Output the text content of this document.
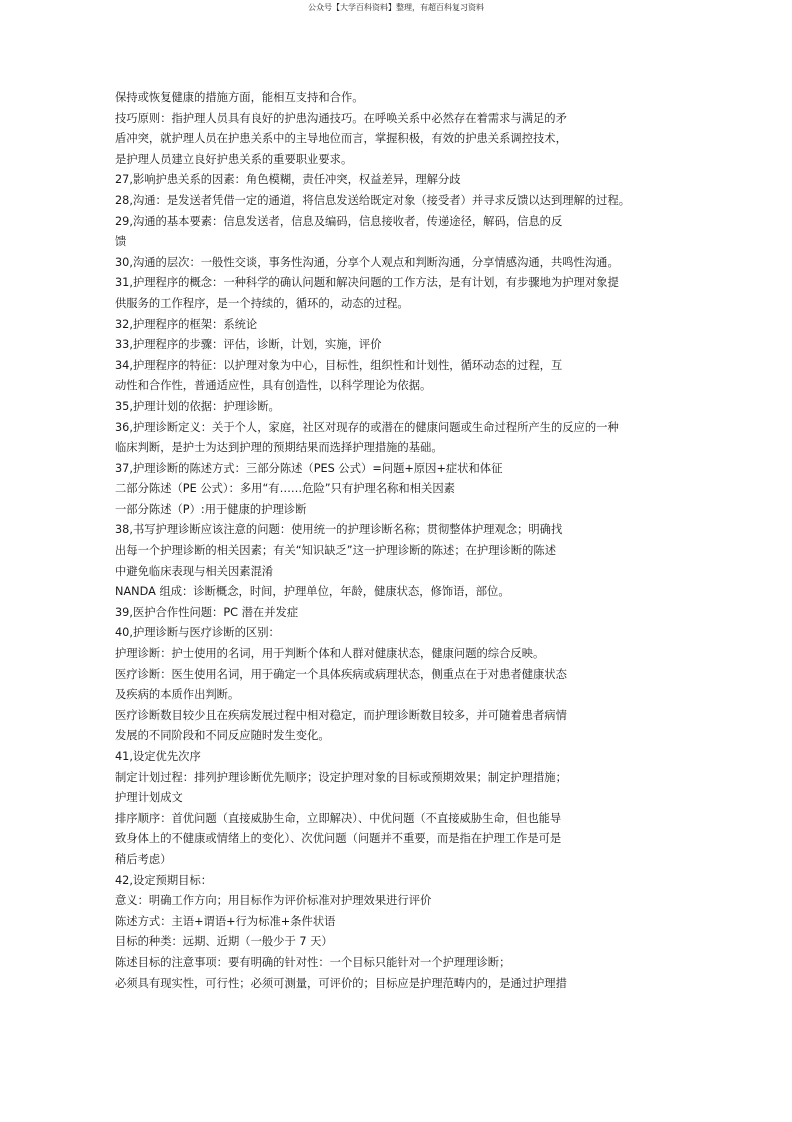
公众号【大学百科资料】整理，有超百科复习资料
保持或恢复健康的措施方面，能相互支持和合作。
技巧原则：指护理人员具有良好的护患沟通技巧。在呼唤关系中必然存在着需求与满足的矛
盾冲突，就护理人员在护患关系中的主导地位而言，掌握积极，有效的护患关系调控技术，
是护理人员建立良好护患关系的重要职业要求。
27,影响护患关系的因素：角色模糊，责任冲突，权益差异，理解分歧
28,沟通：是发送者凭借一定的通道，将信息发送给既定对象（接受者）并寻求反馈以达到理解的过程。
29,沟通的基本要素：信息发送者，信息及编码，信息接收者，传递途径，解码，信息的反
馈
30,沟通的层次：一般性交谈，事务性沟通，分享个人观点和判断沟通，分享情感沟通，共鸣性沟通。
31,护理程序的概念：一种科学的确认问题和解决问题的工作方法，是有计划，有步骤地为护理对象提
供服务的工作程序，是一个持续的，循环的，动态的过程。
32,护理程序的框架：系统论
33,护理程序的步骤：评估，诊断，计划，实施，评价
34,护理程序的特征：以护理对象为中心，目标性，组织性和计划性，循环动态的过程，互
动性和合作性，普通适应性，具有创造性，以科学理论为依据。
35,护理计划的依据：护理诊断。
36,护理诊断定义：关于个人，家庭，社区对现存的或潜在的健康问题或生命过程所产生的反应的一种
临床判断，是护士为达到护理的预期结果而选择护理措施的基础。
37,护理诊断的陈述方式：三部分陈述（PES 公式）=问题+原因+症状和体征
二部分陈述（PE 公式）：多用“有……危险”只有护理名称和相关因素
一部分陈述（P）:用于健康的护理诊断
38,书写护理诊断应该注意的问题：使用统一的护理诊断名称；贯彻整体护理观念；明确找
出每一个护理诊断的相关因素；有关“知识缺乏”这一护理诊断的陈述；在护理诊断的陈述
中避免临床表现与相关因素混淆
NANDA 组成：诊断概念，时间，护理单位，年龄，健康状态，修饰语，部位。
39,医护合作性问题：PC 潜在并发症
40,护理诊断与医疗诊断的区别：
护理诊断：护士使用的名词，用于判断个体和人群对健康状态，健康问题的综合反映。
医疗诊断：医生使用名词，用于确定一个具体疾病或病理状态，侧重点在于对患者健康状态
及疾病的本质作出判断。
医疗诊断数目较少且在疾病发展过程中相对稳定，而护理诊断数目较多，并可随着患者病情
发展的不同阶段和不同反应随时发生变化。
41,设定优先次序
制定计划过程：排列护理诊断优先顺序；设定护理对象的目标或预期效果；制定护理措施；
护理计划成文
排序顺序：首优问题（直接威胁生命，立即解决）、中优问题（不直接威胁生命，但也能导
致身体上的不健康或情绪上的变化）、次优问题（问题并不重要，而是指在护理工作是可是
稍后考虑）
42,设定预期目标：
意义：明确工作方向；用目标作为评价标准对护理效果进行评价
陈述方式：主语+谓语+行为标准+条件状语
目标的种类：远期、近期（一般少于 7 天）
陈述目标的注意事项：要有明确的针对性：一个目标只能针对一个护理理诊断；
必须具有现实性，可行性；必须可测量，可评价的；目标应是护理范畴内的，是通过护理措
